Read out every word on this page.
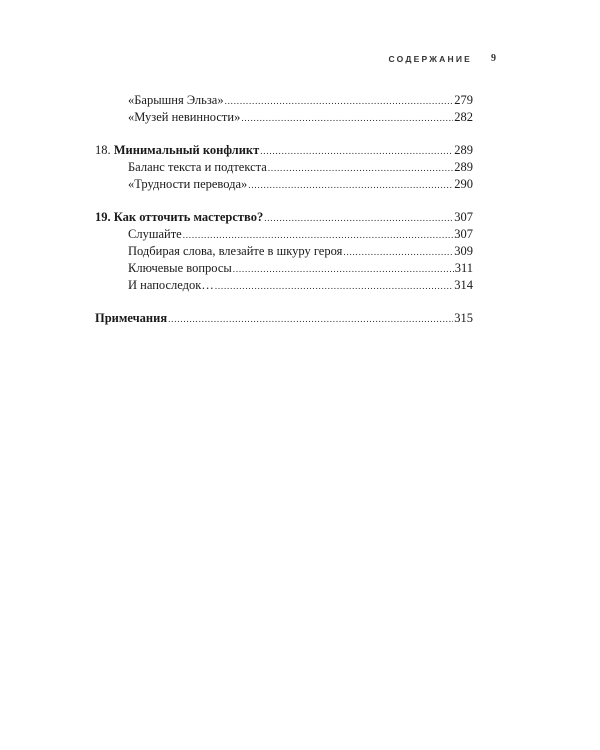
СОДЕРЖАНИЕ 9
«Барышня Эльза» .....	279
«Музей невинности» .....	282
18. Минимальный конфликт .....	289
Баланс текста и подтекста .....	289
«Трудности перевода» .....	290
19. Как отточить мастерство? .....	307
Слушайте .....	307
Подбирая слова, влезайте в шкуру героя .....	309
Ключевые вопросы .....	311
И напоследок… .....	314
Примечания .....	315
